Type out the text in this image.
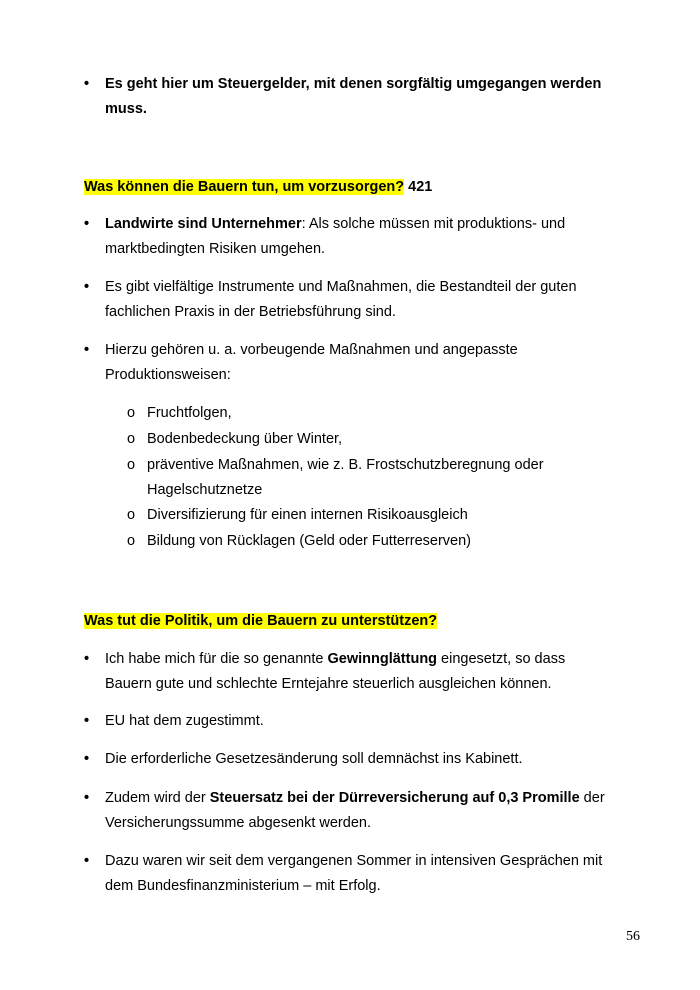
•	Es geht hier um Steuergelder, mit denen sorgfältig umgegangen werden
muss.
Was können die Bauern tun, um vorzusorgen? 421
•	Landwirte sind Unternehmer: Als solche müssen mit produktions- und
marktbedingten Risiken umgehen.
•	Es gibt vielfältige Instrumente und Maßnahmen, die Bestandteil der guten
fachlichen Praxis in der Betriebsführung sind.
•	Hierzu gehören u. a. vorbeugende Maßnahmen und angepasste
Produktionsweisen:
o Fruchtfolgen,
o Bodenbedeckung über Winter,
o präventive Maßnahmen, wie z. B. Frostschutzberegnung oder
Hagelschutznetze
o Diversifizierung für einen internen Risikoausgleich
o Bildung von Rücklagen (Geld oder Futterreserven)
Was tut die Politik, um die Bauern zu unterstützen?
•	Ich habe mich für die so genannte Gewinnglättung eingesetzt, so dass
Bauern gute und schlechte Erntejahre steuerlich ausgleichen können.
•	EU hat dem zugestimmt.
•	Die erforderliche Gesetzesänderung soll demnächst ins Kabinett.
•	Zudem wird der Steuersatz bei der Dürreversicherung auf 0,3 Promille der
Versicherungssumme abgesenkt werden.
•	Dazu waren wir seit dem vergangenen Sommer in intensiven Gesprächen mit
dem Bundesfinanzministerium – mit Erfolg.
56
